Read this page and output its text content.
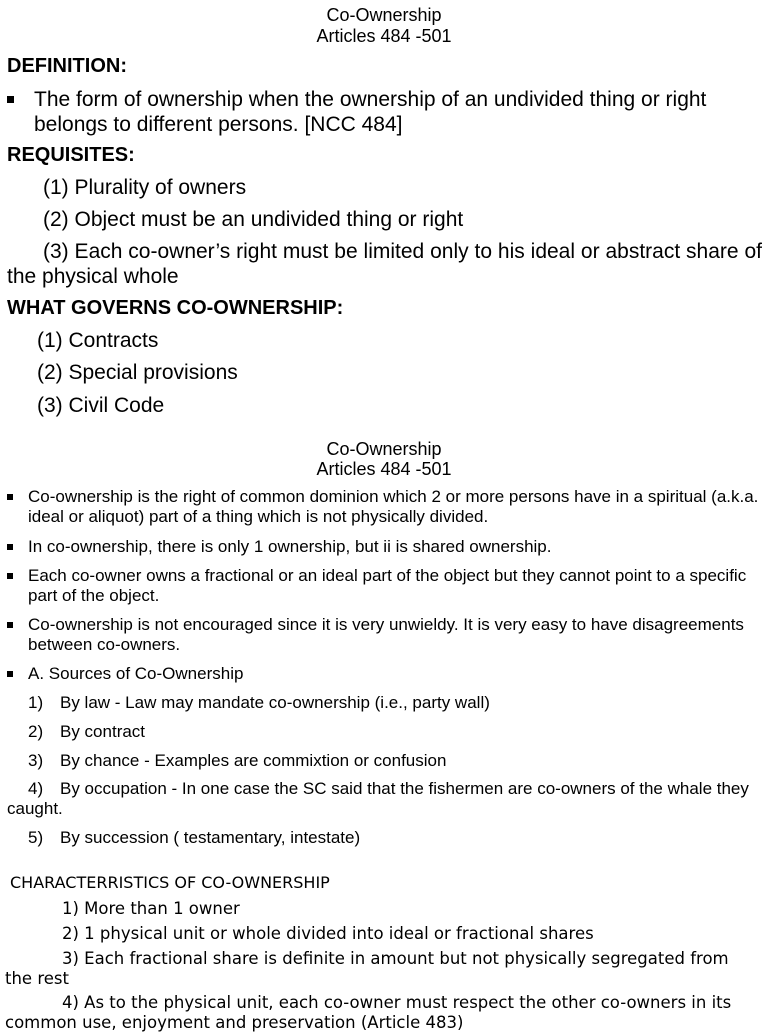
Co-Ownership
Articles 484 -501
DEFINITION:
The form of ownership when the ownership of an undivided thing or right belongs to different persons. [NCC 484]
REQUISITES:
(1) Plurality of owners
(2) Object must be an undivided thing or right
(3) Each co-owner’s right must be limited only to his ideal or abstract share of the physical whole
WHAT GOVERNS CO-OWNERSHIP:
(1) Contracts
(2) Special provisions
(3) Civil Code
Co-Ownership
Articles 484 -501
Co-ownership is the right of common dominion which 2 or more persons have in a spiritual (a.k.a. ideal or aliquot) part of a thing which is not physically divided.
In co-ownership, there is only 1 ownership, but ii is shared ownership.
Each co-owner owns a fractional or an ideal part of the object but they cannot point to a specific part of the object.
Co-ownership is not encouraged since it is very unwieldy. It is very easy to have disagreements between co-owners.
A. Sources of Co-Ownership
1) By law - Law may mandate co-ownership (i.e., party wall)
2) By contract
3) By chance - Examples are commixtion or confusion
4) By occupation - In one case the SC said that the fishermen are co-owners of the whale they caught.
5) By succession ( testamentary, intestate)
CHARACTERRISTICS OF CO-OWNERSHIP
1) More than 1 owner
2) 1 physical unit or whole divided into ideal or fractional shares
3) Each fractional share is definite in amount but not physically segregated from the rest
4) As to the physical unit, each co-owner must respect the other co-owners in its common use, enjoyment and preservation (Article 483)
